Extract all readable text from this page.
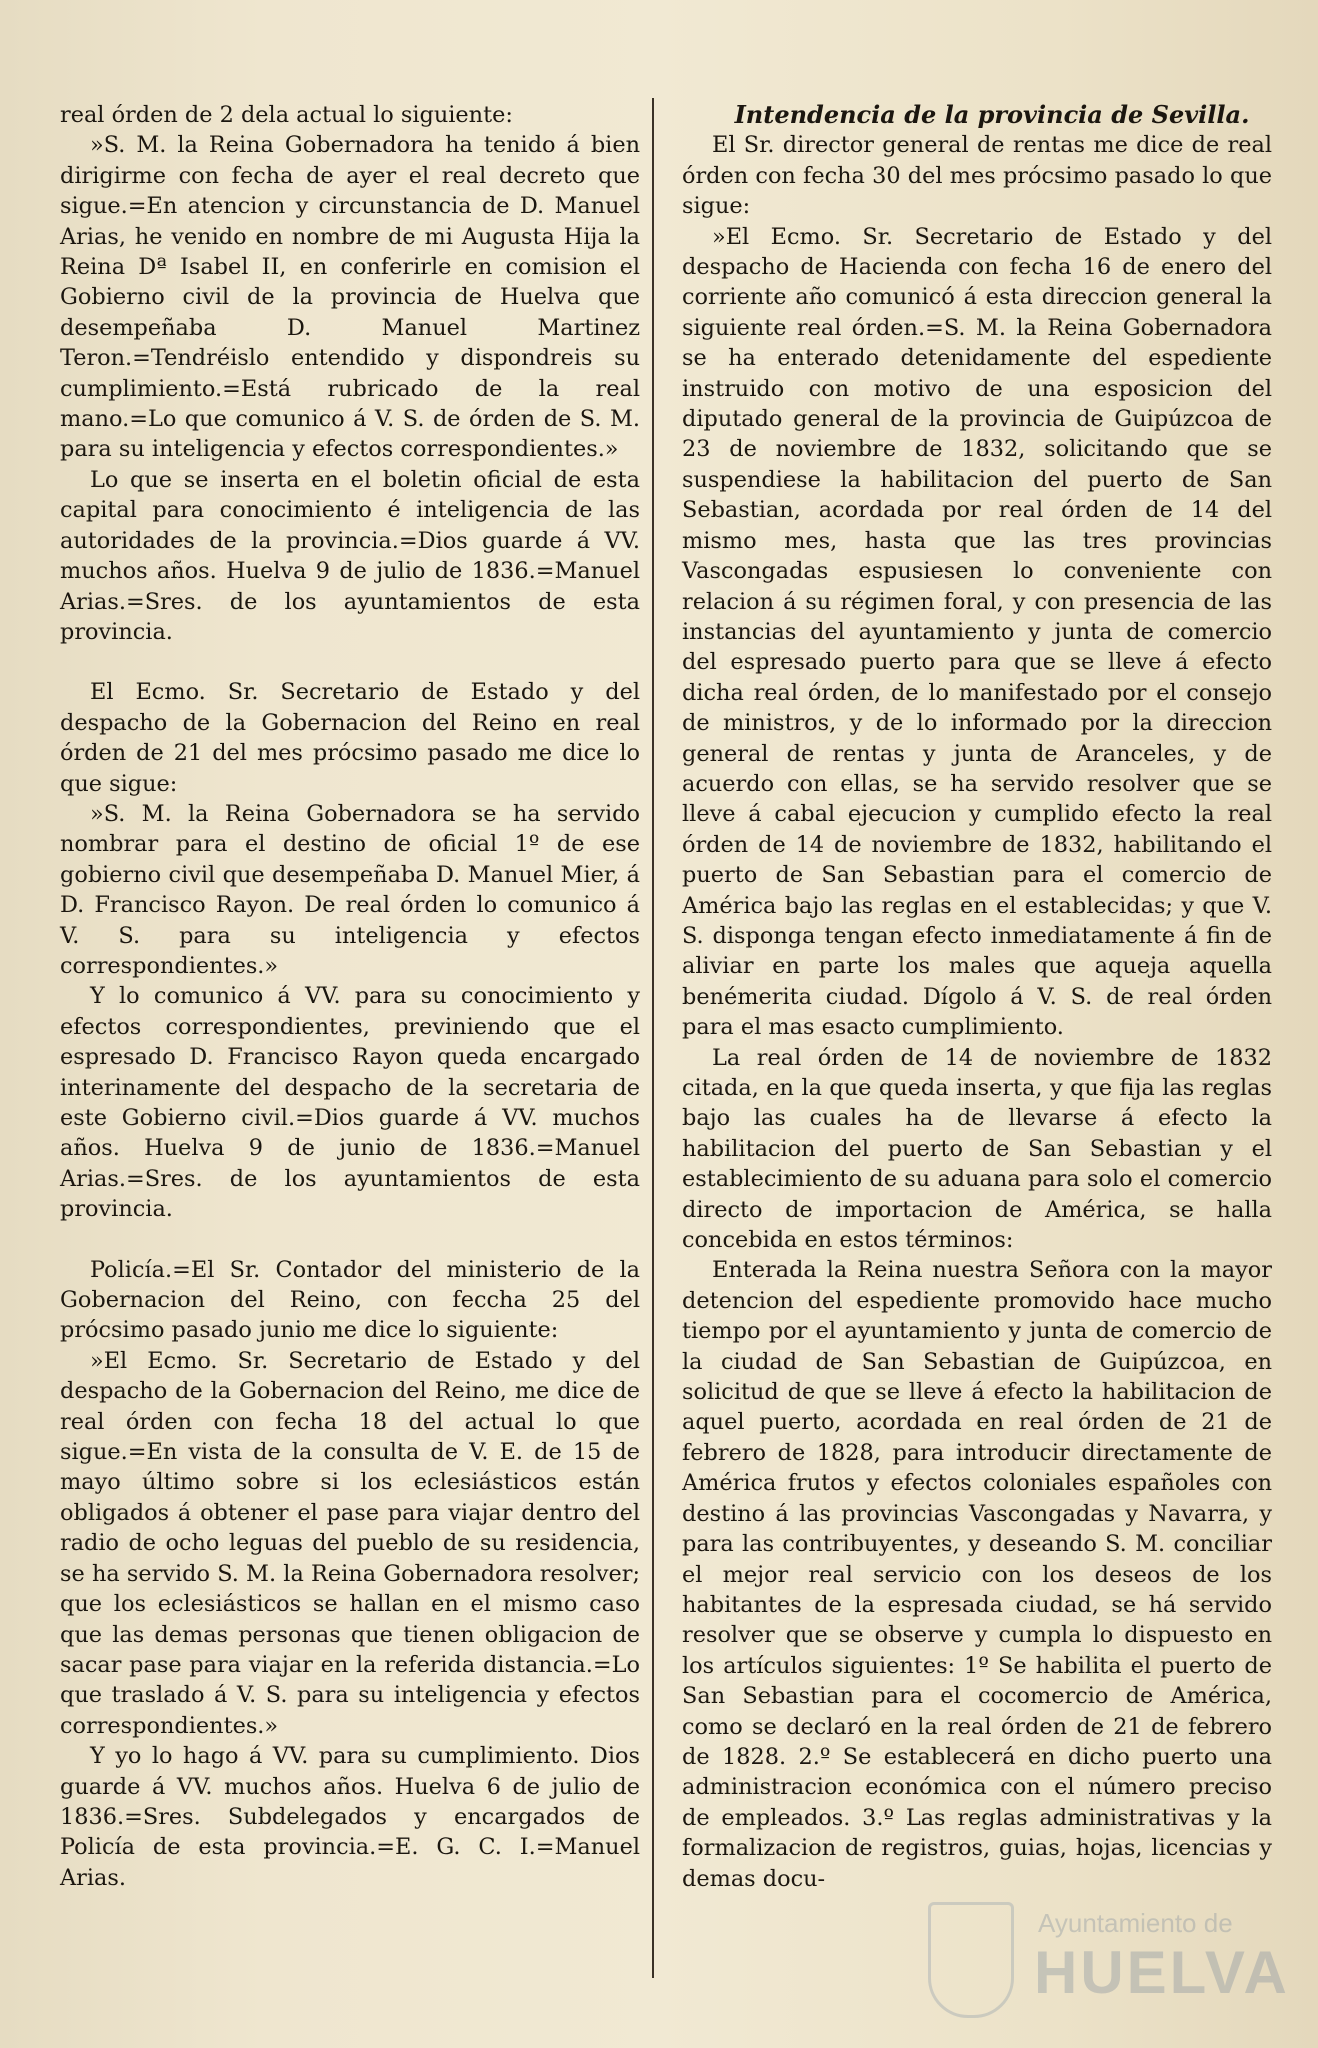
real órden de 2 dela actual lo siguiente:

»S. M. la Reina Gobernadora ha tenido á bien dirigirme con fecha de ayer el real decreto que sigue.=En atencion y circunstancia de D. Manuel Arias, he venido en nombre de mi Augusta Hija la Reina Dª Isabel II, en conferirle en comision el Gobierno civil de la provincia de Huelva que desempeñaba D. Manuel Martinez Teron.=Tendréislo entendido y dispondreis su cumplimiento.=Está rubricado de la real mano.=Lo que comunico á V. S. de órden de S. M. para su inteligencia y efectos correspondientes.»

Lo que se inserta en el boletin oficial de esta capital para conocimiento é inteligencia de las autoridades de la provincia.=Dios guarde á VV. muchos años. Huelva 9 de julio de 1836.=Manuel Arias.=Sres. de los ayuntamientos de esta provincia.

El Ecmo. Sr. Secretario de Estado y del despacho de la Gobernacion del Reino en real órden de 21 del mes prócsimo pasado me dice lo que sigue:

»S. M. la Reina Gobernadora se ha servido nombrar para el destino de oficial 1º de ese gobierno civil que desempeñaba D. Manuel Mier, á D. Francisco Rayon. De real órden lo comunico á V. S. para su inteligencia y efectos correspondientes.»

Y lo comunico á VV. para su conocimiento y efectos correspondientes, previniendo que el espresado D. Francisco Rayon queda encargado interinamente del despacho de la secretaria de este Gobierno civil.=Dios guarde á VV. muchos años. Huelva 9 de junio de 1836.=Manuel Arias.=Sres. de los ayuntamientos de esta provincia.

Policía.=El Sr. Contador del ministerio de la Gobernacion del Reino, con feccha 25 del prócsimo pasado junio me dice lo siguiente:

»El Ecmo. Sr. Secretario de Estado y del despacho de la Gobernacion del Reino, me dice de real órden con fecha 18 del actual lo que sigue.=En vista de la consulta de V. E. de 15 de mayo último sobre si los eclesiásticos están obligados á obtener el pase para viajar dentro del radio de ocho leguas del pueblo de su residencia, se ha servido S. M. la Reina Gobernadora resolver; que los eclesiásticos se hallan en el mismo caso que las demas personas que tienen obligacion de sacar pase para viajar en la referida distancia.=Lo que traslado á V. S. para su inteligencia y efectos correspondientes.»

Y yo lo hago á VV. para su cumplimiento. Dios guarde á VV. muchos años. Huelva 6 de julio de 1836.=Sres. Subdelegados y encargados de Policía de esta provincia.=E. G. C. I.=Manuel Arias.

Intendencia de la provincia de Sevilla.

El Sr. director general de rentas me dice de real órden con fecha 30 del mes prócsimo pasado lo que sigue:

»El Ecmo. Sr. Secretario de Estado y del despacho de Hacienda con fecha 16 de enero del corriente año comunicó á esta direccion general la siguiente real órden.=S. M. la Reina Gobernadora se ha enterado detenidamente del espediente instruido con motivo de una esposicion del diputado general de la provincia de Guipúzcoa de 23 de noviembre de 1832, solicitando que se suspendiese la habilitacion del puerto de San Sebastian, acordada por real órden de 14 del mismo mes, hasta que las tres provincias Vascongadas espusiesen lo conveniente con relacion á su régimen foral, y con presencia de las instancias del ayuntamiento y junta de comercio del espresado puerto para que se lleve á efecto dicha real órden, de lo manifestado por el consejo de ministros, y de lo informado por la direccion general de rentas y junta de Aranceles, y de acuerdo con ellas, se ha servido resolver que se lleve á cabal ejecucion y cumplido efecto la real órden de 14 de noviembre de 1832, habilitando el puerto de San Sebastian para el comercio de América bajo las reglas en el establecidas; y que V. S. disponga tengan efecto inmediatamente á fin de aliviar en parte los males que aqueja aquella benémerita ciudad. Dígolo á V. S. de real órden para el mas esacto cumplimiento.

La real órden de 14 de noviembre de 1832 citada, en la que queda inserta, y que fija las reglas bajo las cuales ha de llevarse á efecto la habilitacion del puerto de San Sebastian y el establecimiento de su aduana para solo el comercio directo de importacion de América, se halla concebida en estos términos:

Enterada la Reina nuestra Señora con la mayor detencion del espediente promovido hace mucho tiempo por el ayuntamiento y junta de comercio de la ciudad de San Sebastian de Guipúzcoa, en solicitud de que se lleve á efecto la habilitacion de aquel puerto, acordada en real órden de 21 de febrero de 1828, para introducir directamente de América frutos y efectos coloniales españoles con destino á las provincias Vascongadas y Navarra, y para las contribuyentes, y deseando S. M. conciliar el mejor real servicio con los deseos de los habitantes de la espresada ciudad, se há servido resolver que se observe y cumpla lo dispuesto en los artículos siguientes: 1º Se habilita el puerto de San Sebastian para el cocomercio de América, como se declaró en la real órden de 21 de febrero de 1828. 2.º Se establecerá en dicho puerto una administracion económica con el número preciso de empleados. 3.º Las reglas administrativas y la formalizacion de registros, guias, hojas, licencias y demas docu-

Ayuntamiento de
HUELVA
